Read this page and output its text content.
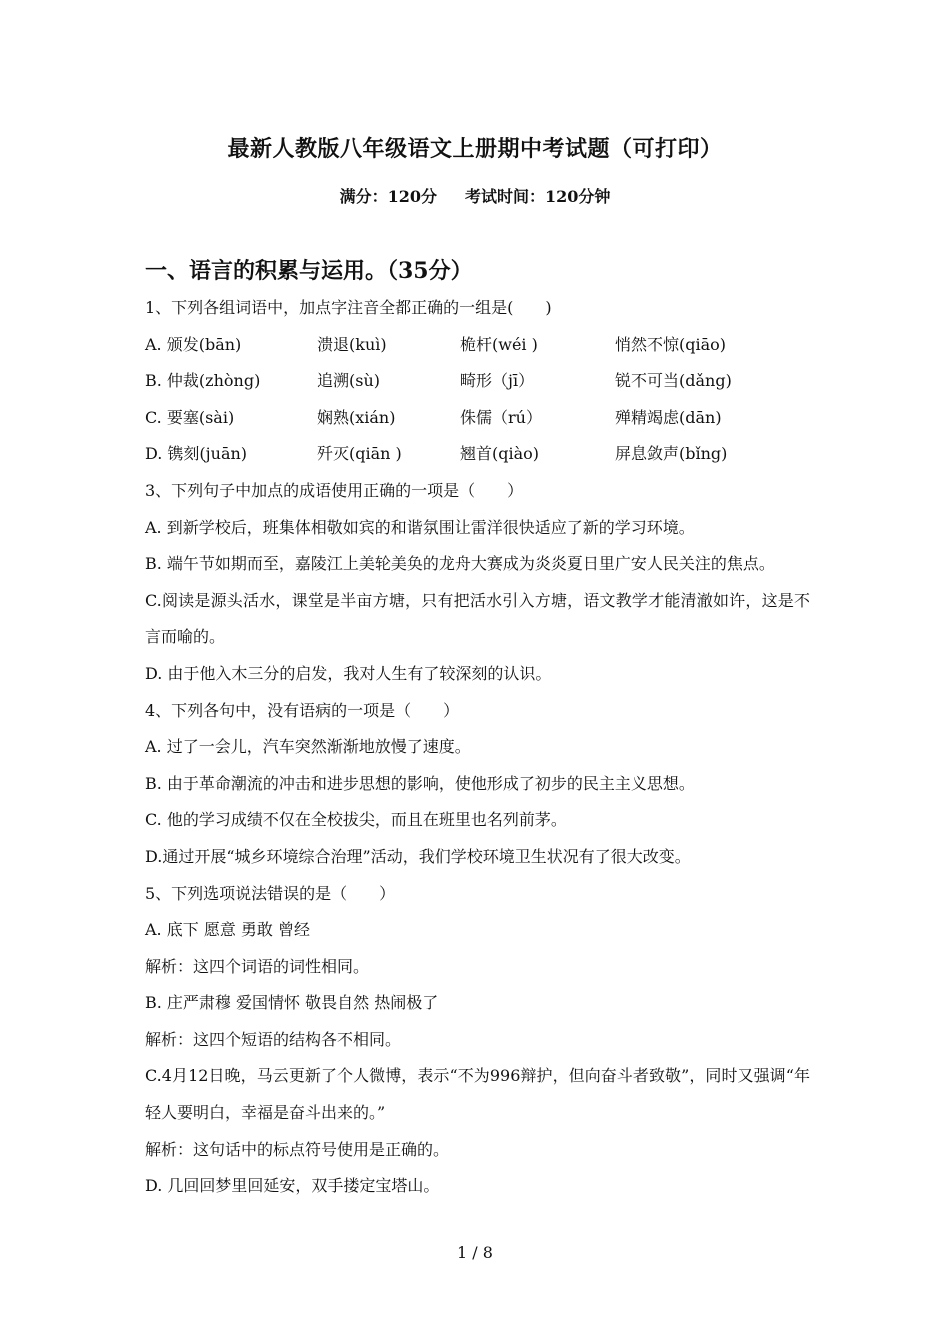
最新人教版八年级语文上册期中考试题（可打印）
满分：120分 考试时间：120分钟
一、语言的积累与运用。（35分）
1、下列各组词语中，加点字注音全都正确的一组是(　　)
A. 颁发(bān)	溃退(kuì)	桅杆(wéi )	悄然不惊(qiāo)
B. 仲裁(zhòng)	追溯(sù)	畸形（jī）	锐不可当(dǎng)
C. 要塞(sài)	娴熟(xián)	侏儒（rú）	殚精竭虑(dān)
D. 镌刻(juān)	歼灭(qiān )	翘首(qiào)	屏息敛声(bǐng)
3、下列句子中加点的成语使用正确的一项是（　　）
A. 到新学校后，班集体相敬如宾的和谐氛围让雷洋很快适应了新的学习环境。
B. 端午节如期而至，嘉陵江上美轮美奂的龙舟大赛成为炎炎夏日里广安人民关注的焦点。
C.阅读是源头活水，课堂是半亩方塘，只有把活水引入方塘，语文教学才能清澈如许，这是不言而喻的。
D. 由于他入木三分的启发，我对人生有了较深刻的认识。
4、下列各句中，没有语病的一项是（　　）
A. 过了一会儿，汽车突然渐渐地放慢了速度。
B. 由于革命潮流的冲击和进步思想的影响，使他形成了初步的民主主义思想。
C. 他的学习成绩不仅在全校拔尖，而且在班里也名列前茅。
D.通过开展“城乡环境综合治理”活动，我们学校环境卫生状况有了很大改变。
5、下列选项说法错误的是（　　）
A. 底下 愿意 勇敢 曾经
解析：这四个词语的词性相同。
B. 庄严肃穆 爱国情怀 敬畏自然 热闹极了
解析：这四个短语的结构各不相同。
C.4月12日晚，马云更新了个人微博，表示“不为996辩护，但向奋斗者致敬”，同时又强调“年轻人要明白，幸福是奋斗出来的。”
解析：这句话中的标点符号使用是正确的。
D. 几回回梦里回延安，双手搂定宝塔山。
1 / 8
